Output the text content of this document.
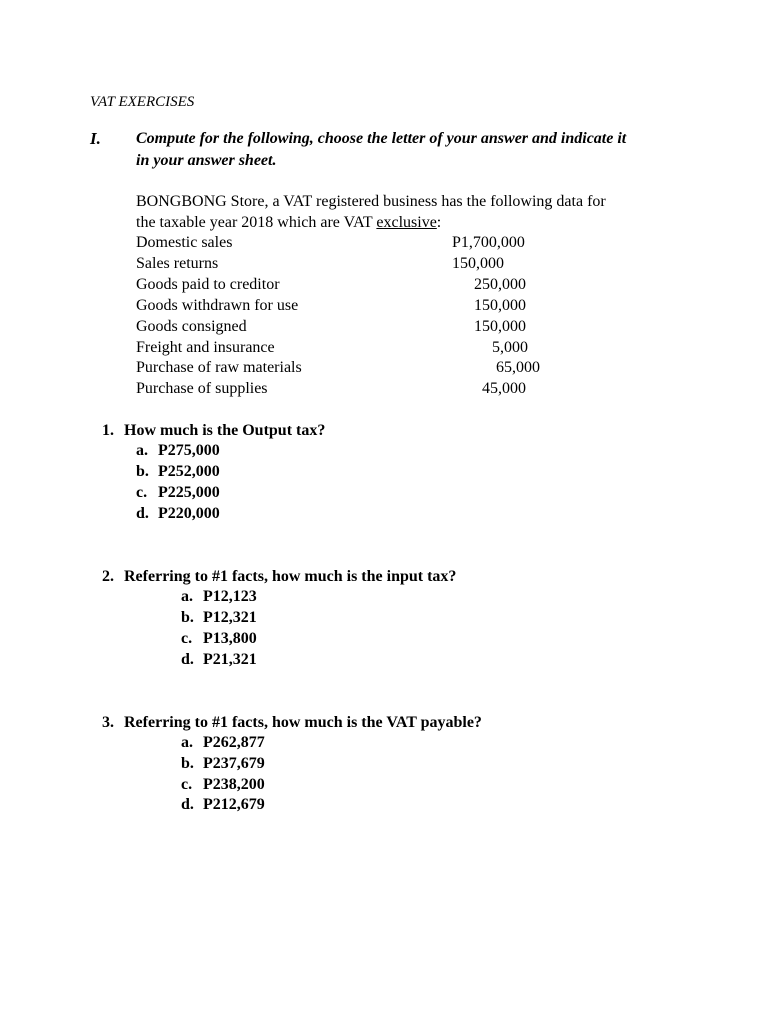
VAT EXERCISES
I. Compute for the following, choose the letter of your answer and indicate it
in your answer sheet.
BONGBONG Store, a VAT registered business has the following data for
the taxable year 2018 which are VAT exclusive:
Domestic sales	P1,700,000
Sales returns	150,000
Goods paid to creditor	250,000
Goods withdrawn for use	150,000
Goods consigned	150,000
Freight and insurance	5,000
Purchase of raw materials	65,000
Purchase of supplies	45,000
1. How much is the Output tax?
a. P275,000
b. P252,000
c. P225,000
d. P220,000
2. Referring to #1 facts, how much is the input tax?
a. P12,123
b. P12,321
c. P13,800
d. P21,321
3. Referring to #1 facts, how much is the VAT payable?
a. P262,877
b. P237,679
c. P238,200
d. P212,679
